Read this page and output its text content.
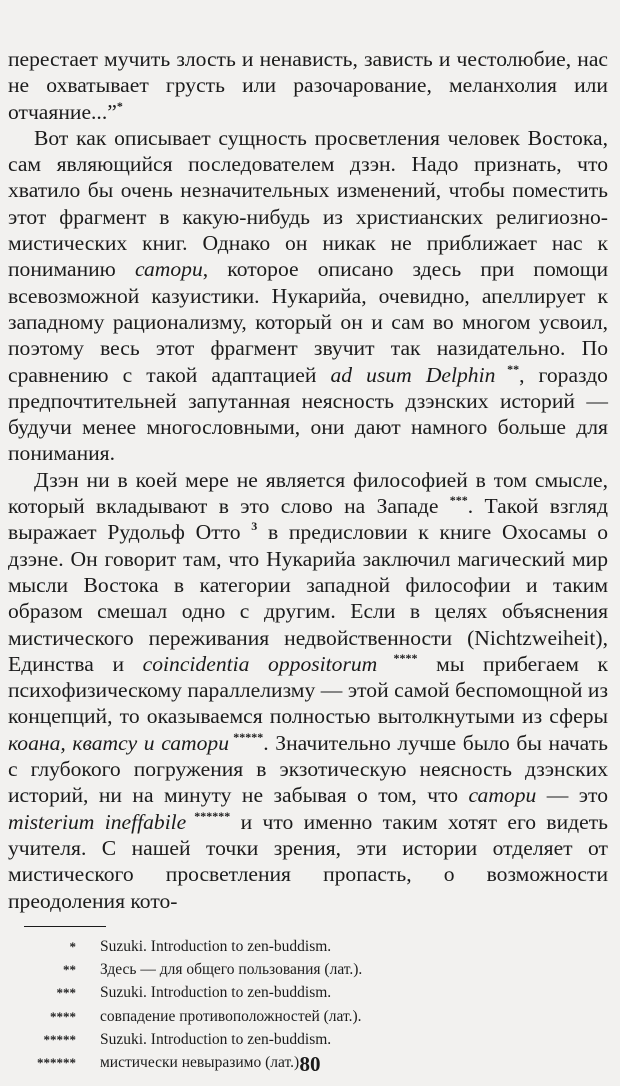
перестает мучить злость и ненависть, зависть и честолюбие, нас не охватывает грусть или разочарование, меланхолия или отчаяние...”*

Вот как описывает сущность просветления человек Востока, сам являющийся последователем дзэн. Надо признать, что хватило бы очень незначительных изменений, чтобы поместить этот фрагмент в какую-нибудь из христианских религиозно-мистических книг. Однако он никак не приближает нас к пониманию сатори, которое описано здесь при помощи всевозможной казуистики. Нукарийа, очевидно, апеллирует к западному рационализму, который он и сам во многом усвоил, поэтому весь этот фрагмент звучит так назидательно. По сравнению с такой адаптацией ad usum Delphin **, гораздо предпочтительней запутанная неясность дзэнских историй — будучи менее многословными, они дают намного больше для понимания.

Дзэн ни в коей мере не является философией в том смысле, который вкладывают в это слово на Западе ***. Такой взгляд выражает Рудольф Отто $^3$ в предисловии к книге Охосамы о дзэне. Он говорит там, что Нукарийа заключил магический мир мысли Востока в категории западной философии и таким образом смешал одно с другим. Если в целях объяснения мистического переживания недвойственности (Nichtzweiheit), Единства и coincidentia oppositorum **** мы прибегаем к психофизическому параллелизму — этой самой беспомощной из концепций, то оказываемся полностью вытолкнутыми из сферы коана, кватсу и сатори *****. Значительно лучше было бы начать с глубокого погружения в экзотическую неясность дзэнских историй, ни на минуту не забывая о том, что сатори — это misterium ineffabile ****** и что именно таким хотят его видеть учителя. С нашей точки зрения, эти истории отделяет от мистического просветления пропасть, о возможности преодоления кото-

*	Suzuki. Introduction to zen-buddism.
**	Здесь — для общего пользования (лат.).
***	Suzuki. Introduction to zen-buddism.
****	совпадение противоположностей (лат.).
*****	Suzuki. Introduction to zen-buddism.
******	мистически невыразимо (лат.).
80
